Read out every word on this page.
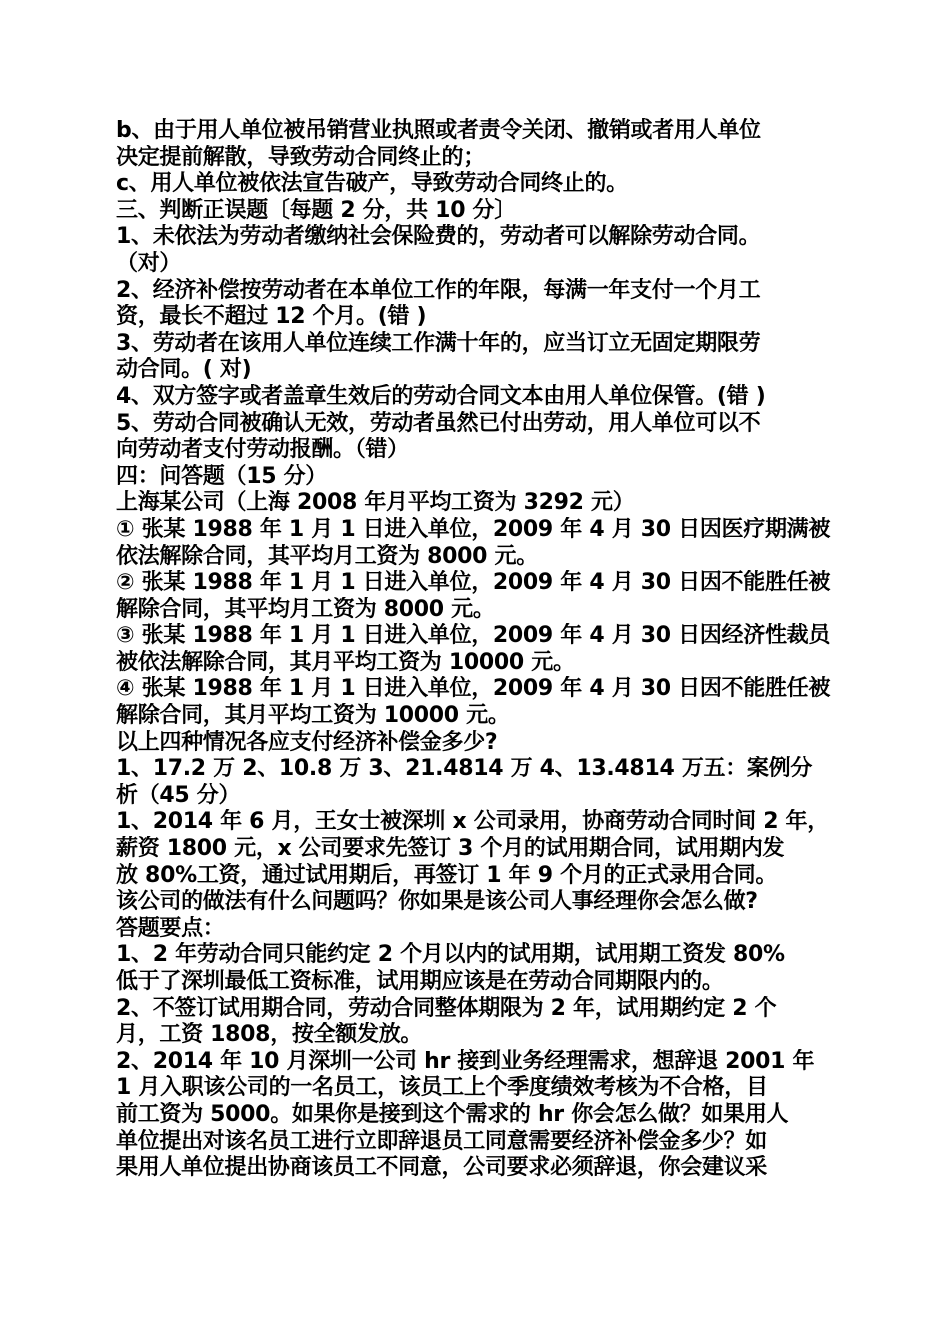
b、由于用人单位被吊销营业执照或者责令关闭、撤销或者用人单位
决定提前解散，导致劳动合同终止的；
c、用人单位被依法宣告破产，导致劳动合同终止的。
三、判断正误题〔每题 2 分，共 10 分〕
1、未依法为劳动者缴纳社会保险费的，劳动者可以解除劳动合同。
（对）
2、经济补偿按劳动者在本单位工作的年限，每满一年支付一个月工
资，最长不超过 12 个月。(错 )
3、劳动者在该用人单位连续工作满十年的，应当订立无固定期限劳
动合同。( 对)
4、双方签字或者盖章生效后的劳动合同文本由用人单位保管。(错 )
5、劳动合同被确认无效，劳动者虽然已付出劳动，用人单位可以不
向劳动者支付劳动报酬。（错）
四：问答题（15 分）
上海某公司（上海 2008 年月平均工资为 3292 元）
① 张某 1988 年 1 月 1 日进入单位，2009 年 4 月 30 日因医疗期满被
依法解除合同，其平均月工资为 8000 元。
② 张某 1988 年 1 月 1 日进入单位，2009 年 4 月 30 日因不能胜任被
解除合同，其平均月工资为 8000 元。
③ 张某 1988 年 1 月 1 日进入单位，2009 年 4 月 30 日因经济性裁员
被依法解除合同，其月平均工资为 10000 元。
④ 张某 1988 年 1 月 1 日进入单位，2009 年 4 月 30 日因不能胜任被
解除合同，其月平均工资为 10000 元。
以上四种情况各应支付经济补偿金多少?
1、17.2 万 2、10.8 万 3、21.4814 万 4、13.4814 万五：案例分
析（45 分）
1、2014 年 6 月，王女士被深圳 x 公司录用，协商劳动合同时间 2 年，
薪资 1800 元，x 公司要求先签订 3 个月的试用期合同，试用期内发
放 80%工资，通过试用期后，再签订 1 年 9 个月的正式录用合同。
该公司的做法有什么问题吗？你如果是该公司人事经理你会怎么做?
答题要点：
1、2 年劳动合同只能约定 2 个月以内的试用期，试用期工资发 80%
低于了深圳最低工资标准，试用期应该是在劳动合同期限内的。
2、不签订试用期合同，劳动合同整体期限为 2 年，试用期约定 2 个
月，工资 1808，按全额发放。
2、2014 年 10 月深圳一公司 hr 接到业务经理需求，想辞退 2001 年
1 月入职该公司的一名员工，该员工上个季度绩效考核为不合格，目
前工资为 5000。如果你是接到这个需求的 hr 你会怎么做？如果用人
单位提出对该名员工进行立即辞退员工同意需要经济补偿金多少？如
果用人单位提出协商该员工不同意，公司要求必须辞退，你会建议采
